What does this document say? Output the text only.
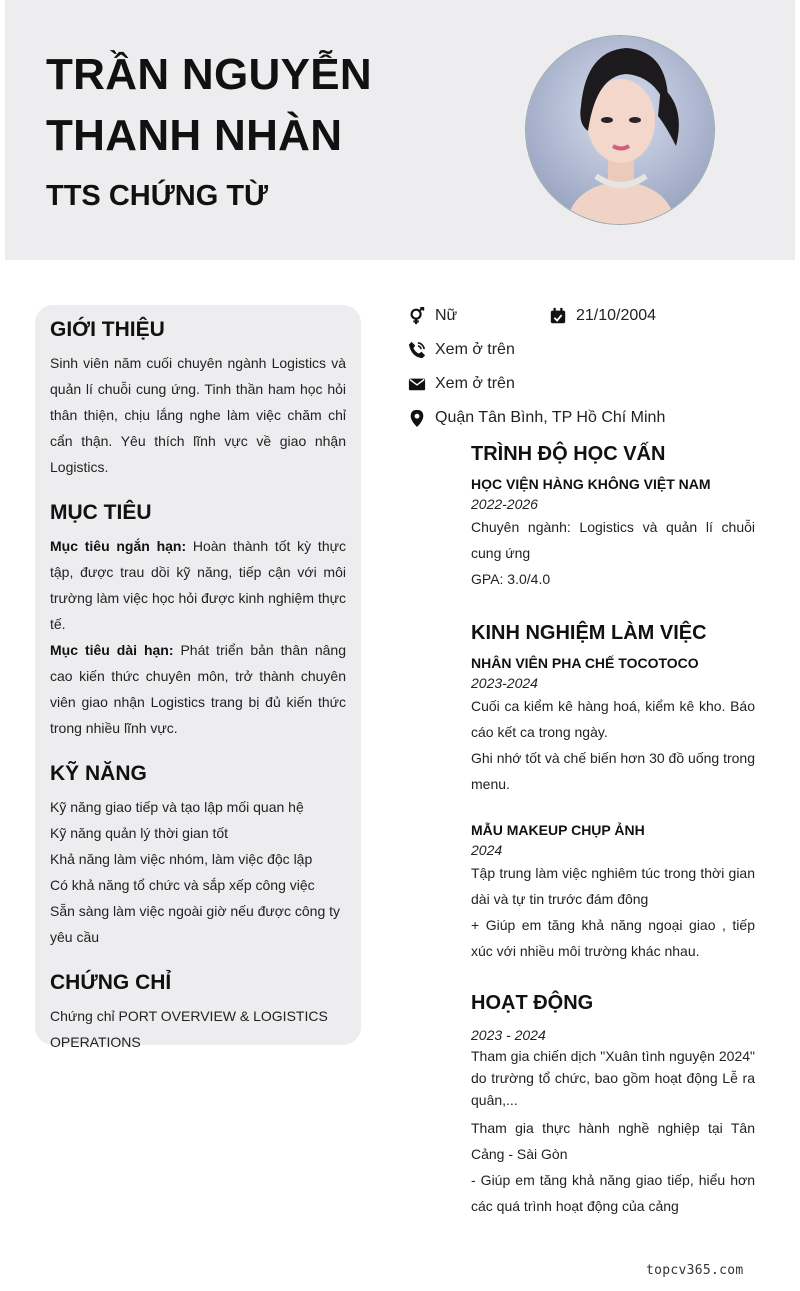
TRẦN NGUYỄN
THANH NHÀN
TTS CHỨNG TỪ
GIỚI THIỆU

Sinh viên năm cuối chuyên ngành Logistics và quản lí chuỗi cung ứng. Tinh thần ham học hỏi thân thiện, chịu lắng nghe làm việc chăm chỉ cẩn thận. Yêu thích lĩnh vực về giao nhận Logistics.

MỤC TIÊU

Mục tiêu ngắn hạn: Hoàn thành tốt kỳ thực tập, được trau dồi kỹ năng, tiếp cận với môi trường làm việc học hỏi được kinh nghiệm thực tế.

Mục tiêu dài hạn: Phát triển bản thân nâng cao kiến thức chuyên môn, trở thành chuyên viên giao nhận Logistics trang bị đủ kiến thức trong nhiều lĩnh vực.

KỸ NĂNG

Kỹ năng giao tiếp và tạo lập mối quan hệ

Kỹ năng quản lý thời gian tốt

Khả năng làm việc nhóm, làm việc độc lập

Có khả năng tổ chức và sắp xếp công việc

Sẵn sàng làm việc ngoài giờ nếu được công ty yêu cầu

CHỨNG CHỈ

Chứng chỉ PORT OVERVIEW & LOGISTICS OPERATIONS

Nữ	21/10/2004
Xem ở trên
Xem ở trên
Quận Tân Bình, TP Hồ Chí Minh
TRÌNH ĐỘ HỌC VẤN
HỌC VIỆN HÀNG KHÔNG VIỆT NAM
2022-2026

Chuyên ngành: Logistics và quản lí chuỗi cung ứng

GPA: 3.0/4.0

KINH NGHIỆM LÀM VIỆC
NHÂN VIÊN PHA CHẾ TOCOTOCO
2023-2024

Cuối ca kiểm kê hàng hoá, kiểm kê kho. Báo cáo kết ca trong ngày.

Ghi nhớ tốt và chế biến hơn 30 đồ uống trong menu.

MẪU MAKEUP CHỤP ẢNH
2024

Tập trung làm việc nghiêm túc trong thời gian dài và tự tin trước đám đông

+ Giúp em tăng khả năng ngoại giao , tiếp xúc với nhiều môi trường khác nhau.

HOẠT ĐỘNG
2023 - 2024

Tham gia chiến dịch "Xuân tình nguyện 2024" do trường tổ chức, bao gồm hoạt động Lễ ra quân,...

Tham gia thực hành nghề nghiệp tại Tân Cảng - Sài Gòn

- Giúp em tăng khả năng giao tiếp, hiểu hơn các quá trình hoạt động của cảng

topcv365.com
